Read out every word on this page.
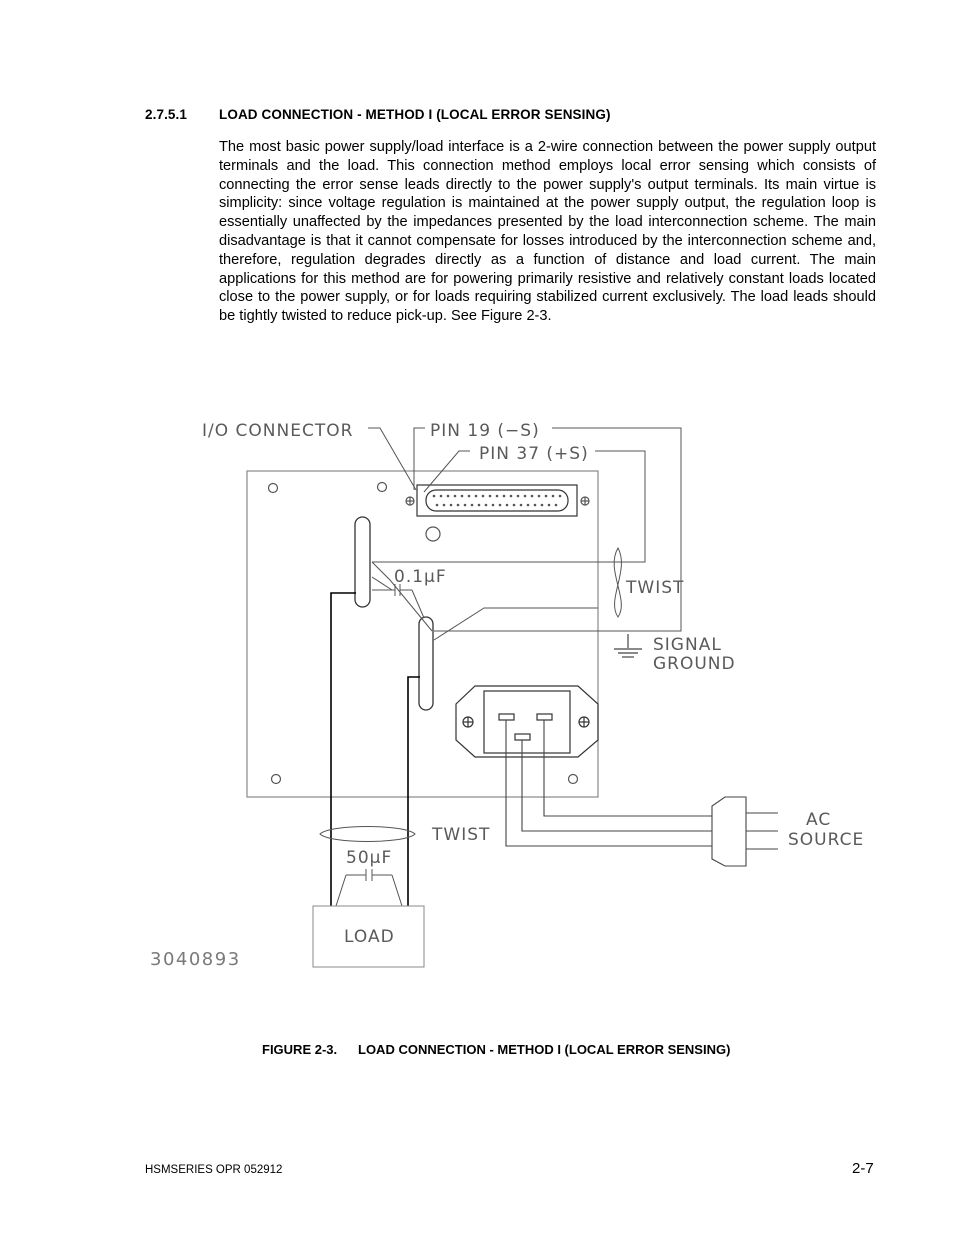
2.7.5.1 LOAD CONNECTION - METHOD I (LOCAL ERROR SENSING)

The most basic power supply/load interface is a 2-wire connection between the power supply output terminals and the load. This connection method employs local error sensing which consists of connecting the error sense leads directly to the power supply's output terminals. Its main virtue is simplicity: since voltage regulation is maintained at the power supply output, the regulation loop is essentially unaffected by the impedances presented by the load interconnection scheme. The main disadvantage is that it cannot compensate for losses introduced by the interconnection scheme and, therefore, regulation degrades directly as a function of distance and load current. The main applications for this method are for powering primarily resistive and relatively constant loads located close to the power supply, or for loads requiring stabilized current exclusively. The load leads should be tightly twisted to reduce pick-up. See Figure 2-3.

I/O CONNECTOR	PIN 19 (−S)
PIN 37 (+S)
0.1µF
TWIST
SIGNAL
GROUND
AC
SOURCE
TWIST
50µF
LOAD
3040893
FIGURE 2-3. LOAD CONNECTION - METHOD I (LOCAL ERROR SENSING)
HSMSERIES OPR 052912	2-7
